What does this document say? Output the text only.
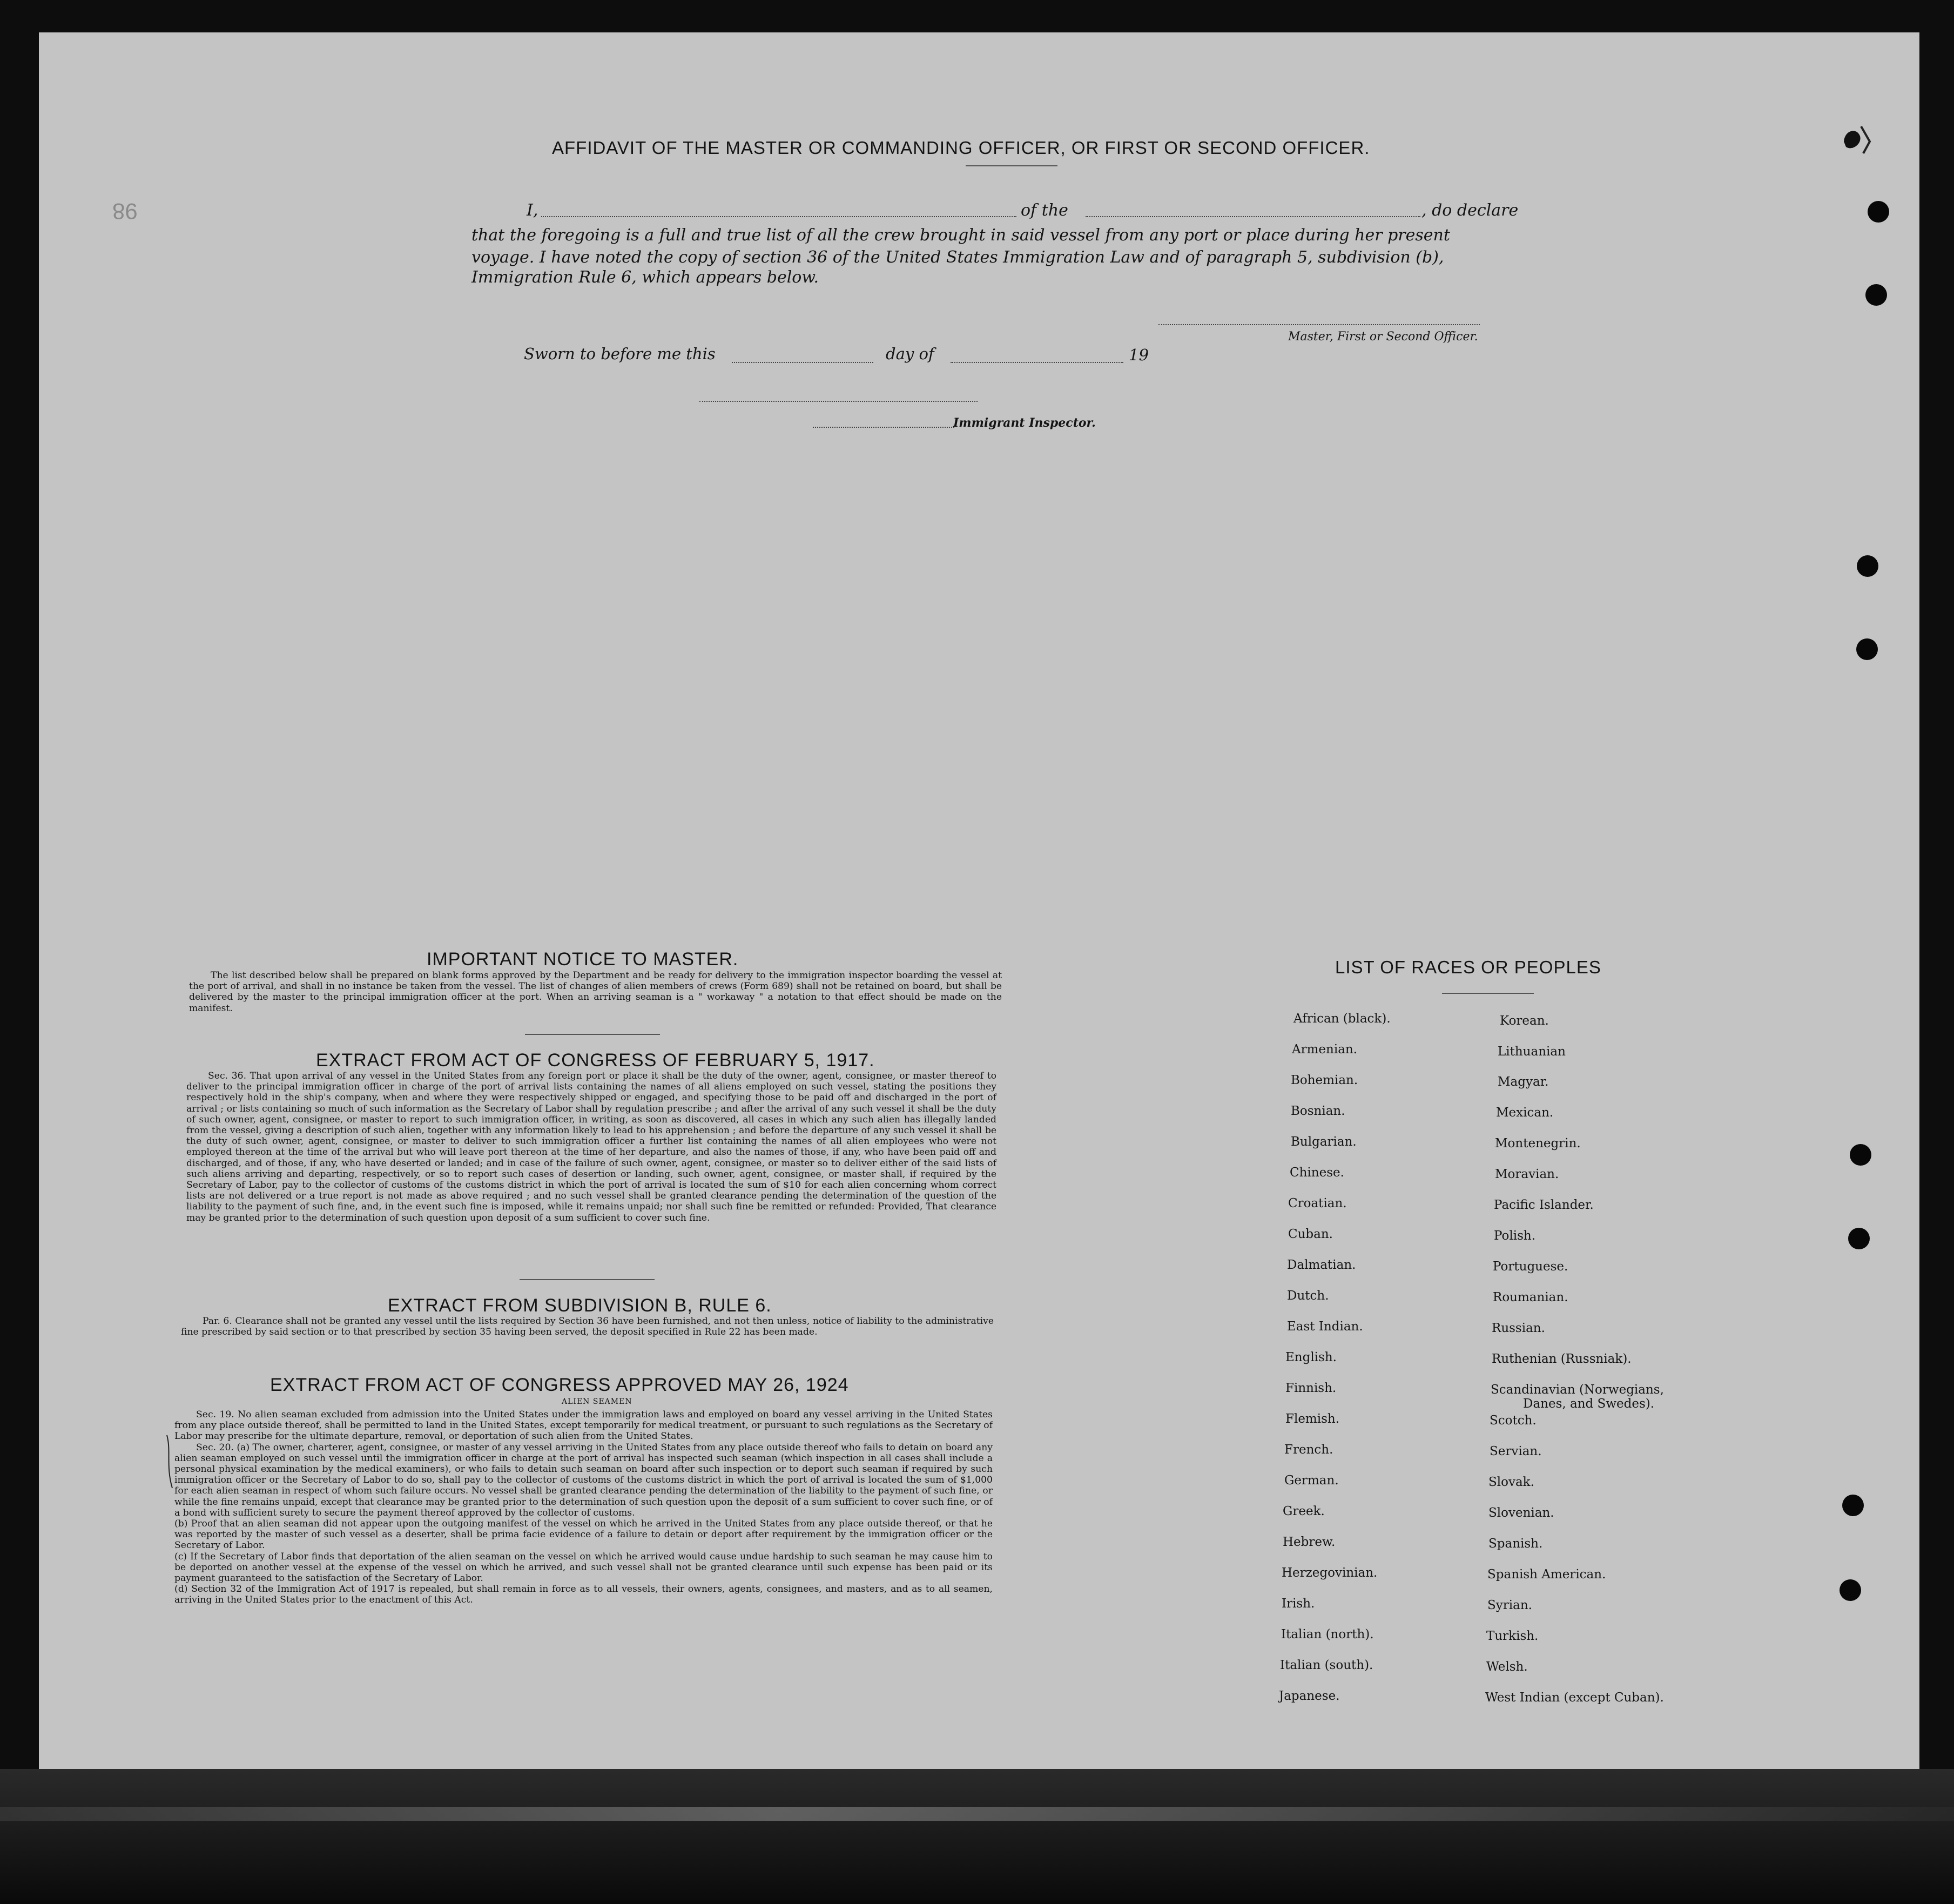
98
AFFIDAVIT OF THE MASTER OR COMMANDING OFFICER, OR FIRST OR SECOND OFFICER.
I,	of the	, do declare
that the foregoing is a full and true list of all the crew brought in said vessel from any port or place during her present
voyage. I have noted the copy of section 36 of the United States Immigration Law and of paragraph 5, subdivision (b),
Immigration Rule 6, which appears below.
Master, First or Second Officer.
Sworn to before me this	day of	19
Immigrant Inspector.
IMPORTANT NOTICE TO MASTER.
The list described below shall be prepared on blank forms approved by the Department and be ready for delivery to the immigration inspector boarding the vessel at the port of arrival, and shall in no instance be taken from the vessel. The list of changes of alien members of crews (Form 689) shall not be retained on board, but shall be delivered by the master to the principal immigration officer at the port. When an arriving seaman is a " workaway " a notation to that effect should be made on the manifest.
EXTRACT FROM ACT OF CONGRESS OF FEBRUARY 5, 1917.
Sec. 36. That upon arrival of any vessel in the United States from any foreign port or place it shall be the duty of the owner, agent, consignee, or master thereof to deliver to the principal immigration officer in charge of the port of arrival lists containing the names of all aliens employed on such vessel, stating the positions they respectively hold in the ship's company, when and where they were respectively shipped or engaged, and specifying those to be paid off and discharged in the port of arrival ; or lists containing so much of such information as the Secretary of Labor shall by regulation prescribe ; and after the arrival of any such vessel it shall be the duty of such owner, agent, consignee, or master to report to such immigration officer, in writing, as soon as discovered, all cases in which any such alien has illegally landed from the vessel, giving a description of such alien, together with any information likely to lead to his apprehension ; and before the departure of any such vessel it shall be the duty of such owner, agent, consignee, or master to deliver to such immigration officer a further list containing the names of all alien employees who were not employed thereon at the time of the arrival but who will leave port thereon at the time of her departure, and also the names of those, if any, who have been paid off and discharged, and of those, if any, who have deserted or landed; and in case of the failure of such owner, agent, consignee, or master so to deliver either of the said lists of such aliens arriving and departing, respectively, or so to report such cases of desertion or landing, such owner, agent, consignee, or master shall, if required by the Secretary of Labor, pay to the collector of customs of the customs district in which the port of arrival is located the sum of $10 for each alien concerning whom correct lists are not delivered or a true report is not made as above required ; and no such vessel shall be granted clearance pending the determination of the question of the liability to the payment of such fine, and, in the event such fine is imposed, while it remains unpaid; nor shall such fine be remitted or refunded: Provided, That clearance may be granted prior to the determination of such question upon deposit of a sum sufficient to cover such fine.
EXTRACT FROM SUBDIVISION B, RULE 6.
Par. 6. Clearance shall not be granted any vessel until the lists required by Section 36 have been furnished, and not then unless, notice of liability to the administrative fine prescribed by said section or to that prescribed by section 35 having been served, the deposit specified in Rule 22 has been made.
EXTRACT FROM ACT OF CONGRESS APPROVED MAY 26, 1924
ALIEN SEAMEN
Sec. 19. No alien seaman excluded from admission into the United States under the immigration laws and employed on board any vessel arriving in the United States from any place outside thereof, shall be permitted to land in the United States, except temporarily for medical treatment, or pursuant to such regulations as the Secretary of Labor may prescribe for the ultimate departure, removal, or deportation of such alien from the United States.
Sec. 20. (a) The owner, charterer, agent, consignee, or master of any vessel arriving in the United States from any place outside thereof who fails to detain on board any alien seaman employed on such vessel until the immigration officer in charge at the port of arrival has inspected such seaman (which inspection in all cases shall include a personal physical examination by the medical examiners), or who fails to detain such seaman on board after such inspection or to deport such seaman if required by such immigration officer or the Secretary of Labor to do so, shall pay to the collector of customs of the customs district in which the port of arrival is located the sum of $1,000 for each alien seaman in respect of whom such failure occurs. No vessel shall be granted clearance pending the determination of the liability to the payment of such fine, or while the fine remains unpaid, except that clearance may be granted prior to the determination of such question upon the deposit of a sum sufficient to cover such fine, or of a bond with sufficient surety to secure the payment thereof approved by the collector of customs.
(b) Proof that an alien seaman did not appear upon the outgoing manifest of the vessel on which he arrived in the United States from any place outside thereof, or that he was reported by the master of such vessel as a deserter, shall be prima facie evidence of a failure to detain or deport after requirement by the immigration officer or the Secretary of Labor.
(c) If the Secretary of Labor finds that deportation of the alien seaman on the vessel on which he arrived would cause undue hardship to such seaman he may cause him to be deported on another vessel at the expense of the vessel on which he arrived, and such vessel shall not be granted clearance until such expense has been paid or its payment guaranteed to the satisfaction of the Secretary of Labor.
(d) Section 32 of the Immigration Act of 1917 is repealed, but shall remain in force as to all vessels, their owners, agents, consignees, and masters, and as to all seamen, arriving in the United States prior to the enactment of this Act.
LIST OF RACES OR PEOPLES
African (black).
Armenian.
Bohemian.
Bosnian.
Bulgarian.
Chinese.
Croatian.
Cuban.
Dalmatian.
Dutch.
East Indian.
English.
Finnish.
Flemish.
French.
German.
Greek.
Hebrew.
Herzegovinian.
Irish.
Italian (north).
Italian (south).
Japanese.
Korean.
Lithuanian
Magyar.
Mexican.
Montenegrin.
Moravian.
Pacific Islander.
Polish.
Portuguese.
Roumanian.
Russian.
Ruthenian (Russniak).
Scandinavian (Norwegians,
Danes, and Swedes).
Scotch.
Servian.
Slovak.
Slovenian.
Spanish.
Spanish American.
Syrian.
Turkish.
Welsh.
West Indian (except Cuban).
